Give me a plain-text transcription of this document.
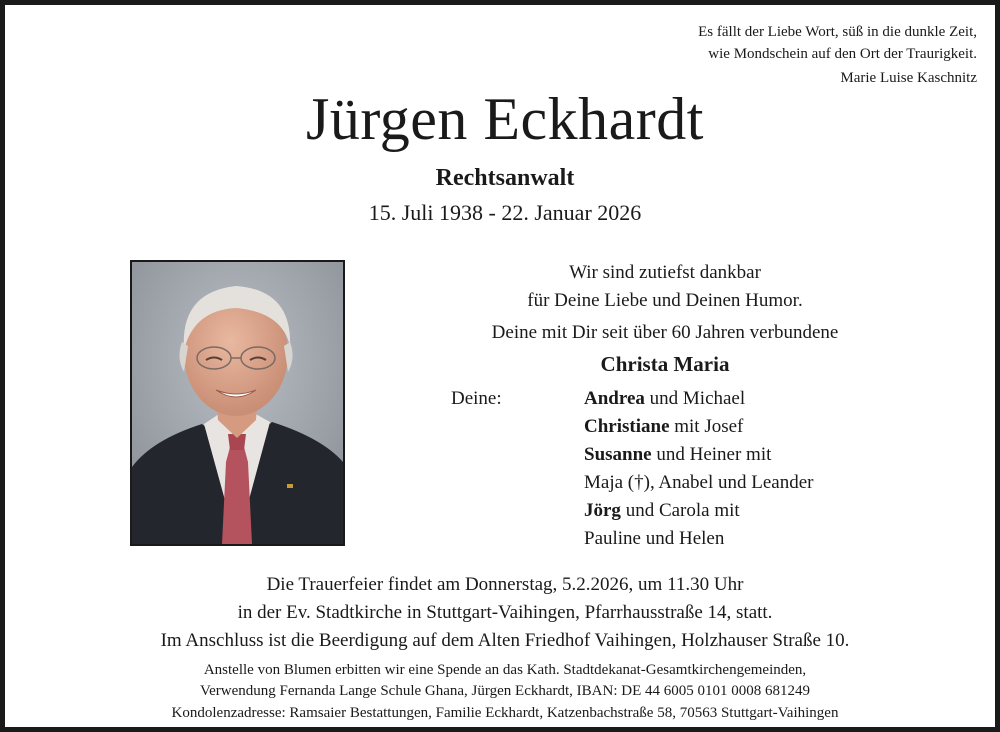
Es fällt der Liebe Wort, süß in die dunkle Zeit,
wie Mondschein auf den Ort der Traurigkeit.
Marie Luise Kaschnitz
Jürgen Eckhardt
Rechtsanwalt
15. Juli 1938 - 22. Januar 2026
Wir sind zutiefst dankbar
für Deine Liebe und Deinen Humor.
Deine mit Dir seit über 60 Jahren verbundene
Christa Maria
Deine:	Andrea und Michael
Christiane mit Josef
Susanne und Heiner mit
Maja (†), Anabel und Leander
Jörg und Carola mit
Pauline und Helen
Die Trauerfeier findet am Donnerstag, 5.2.2026, um 11.30 Uhr
in der Ev. Stadtkirche in Stuttgart-Vaihingen, Pfarrhausstraße 14, statt.
Im Anschluss ist die Beerdigung auf dem Alten Friedhof Vaihingen, Holzhauser Straße 10.
Anstelle von Blumen erbitten wir eine Spende an das Kath. Stadtdekanat-Gesamtkirchengemeinden,
Verwendung Fernanda Lange Schule Ghana, Jürgen Eckhardt, IBAN: DE 44 6005 0101 0008 681249
Kondolenzadresse: Ramsaier Bestattungen, Familie Eckhardt, Katzenbachstraße 58, 70563 Stuttgart-Vaihingen
